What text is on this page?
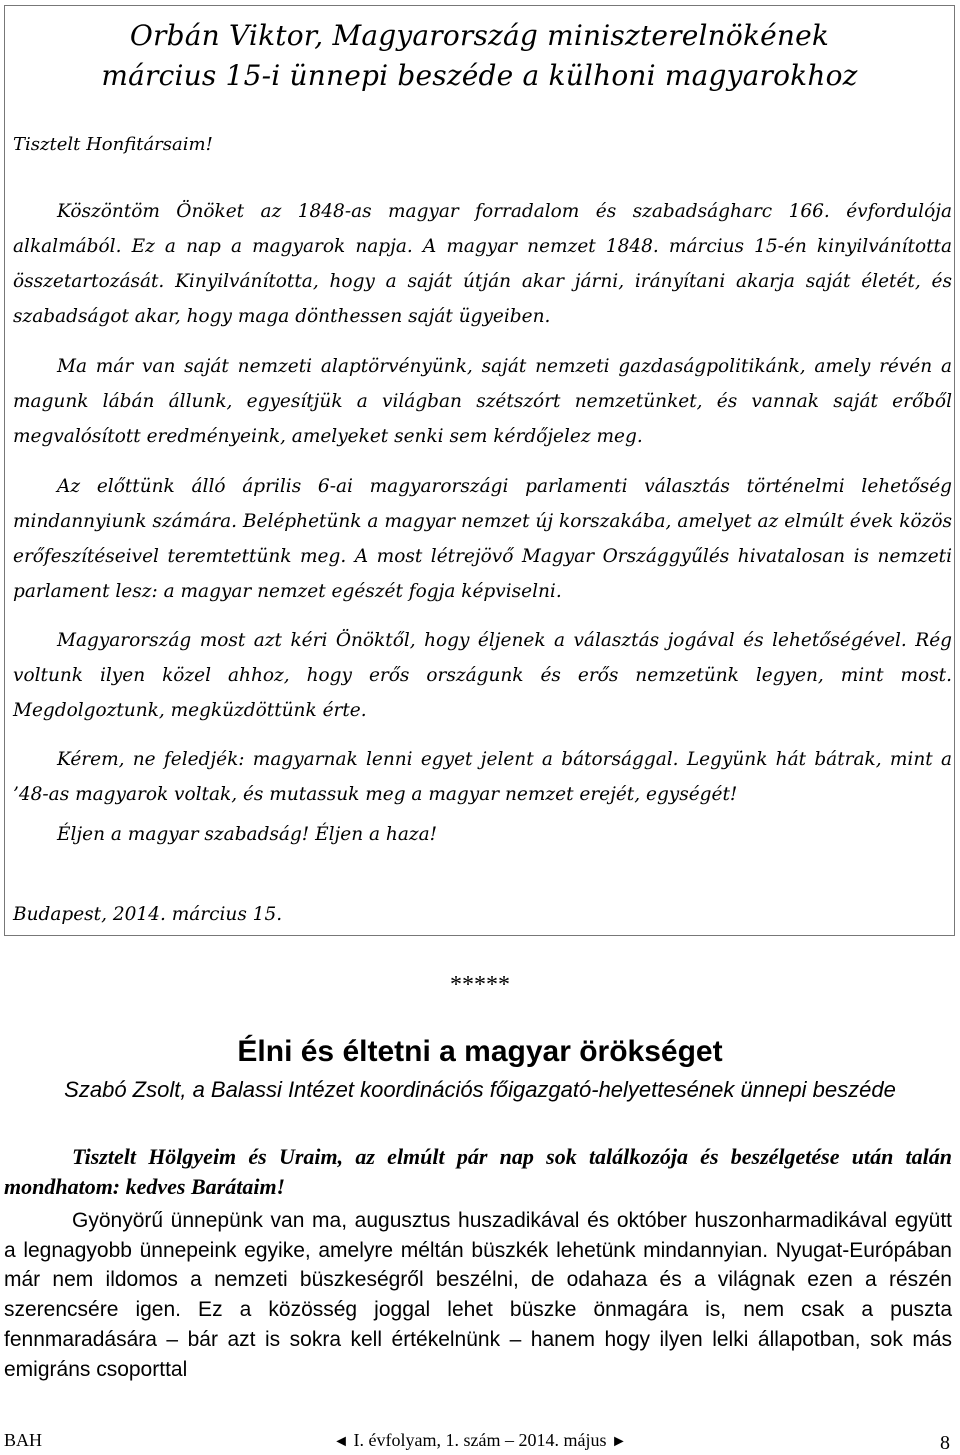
Orbán Viktor, Magyarország miniszterelnökének
március 15-i ünnepi beszéde a külhoni magyarokhoz
Tisztelt Honfitársaim!
Köszöntöm Önöket az 1848-as magyar forradalom és szabadságharc 166. évfordulója alkalmából. Ez a nap a magyarok napja. A magyar nemzet 1848. március 15-én kinyilvánította összetartozását. Kinyilvánította, hogy a saját útján akar járni, irányítani akarja saját életét, és szabadságot akar, hogy maga dönthessen saját ügyeiben.
Ma már van saját nemzeti alaptörvényünk, saját nemzeti gazdaságpolitikánk, amely révén a magunk lábán állunk, egyesítjük a világban szétszórt nemzetünket, és vannak saját erőből megvalósított eredményeink, amelyeket senki sem kérdőjelez meg.
Az előttünk álló április 6-ai magyarországi parlamenti választás történelmi lehetőség mindannyiunk számára. Beléphetünk a magyar nemzet új korszakába, amelyet az elmúlt évek közös erőfeszítéseivel teremtettünk meg. A most létrejövő Magyar Országgyűlés hivatalosan is nemzeti parlament lesz: a magyar nemzet egészét fogja képviselni.
Magyarország most azt kéri Önöktől, hogy éljenek a választás jogával és lehetőségével. Rég voltunk ilyen közel ahhoz, hogy erős országunk és erős nemzetünk legyen, mint most. Megdolgoztunk, megküzdöttünk érte.
Kérem, ne feledjék: magyarnak lenni egyet jelent a bátorsággal. Legyünk hát bátrak, mint a ’48-as magyarok voltak, és mutassuk meg a magyar nemzet erejét, egységét!
Éljen a magyar szabadság! Éljen a haza!
Budapest, 2014. március 15.
*****
Élni és éltetni a magyar örökséget
Szabó Zsolt, a Balassi Intézet koordinációs főigazgató-helyettesének ünnepi beszéde
Tisztelt Hölgyeim és Uraim, az elmúlt pár nap sok találkozója és beszélgetése után talán mondhatom: kedves Barátaim!
Gyönyörű ünnepünk van ma, augusztus huszadikával és október huszonharmadikával együtt a legnagyobb ünnepeink egyike, amelyre méltán büszkék lehetünk mindannyian. Nyugat-Európában már nem ildomos a nemzeti büszkeségről beszélni, de odahaza és a világnak ezen a részén szerencsére igen. Ez a közösség joggal lehet büszke önmagára is, nem csak a puszta fennmaradására – bár azt is sokra kell értékelnünk – hanem hogy ilyen lelki állapotban, sok más emigráns csoporttal
BAH	◄ I. évfolyam, 1. szám – 2014. május ►	8
